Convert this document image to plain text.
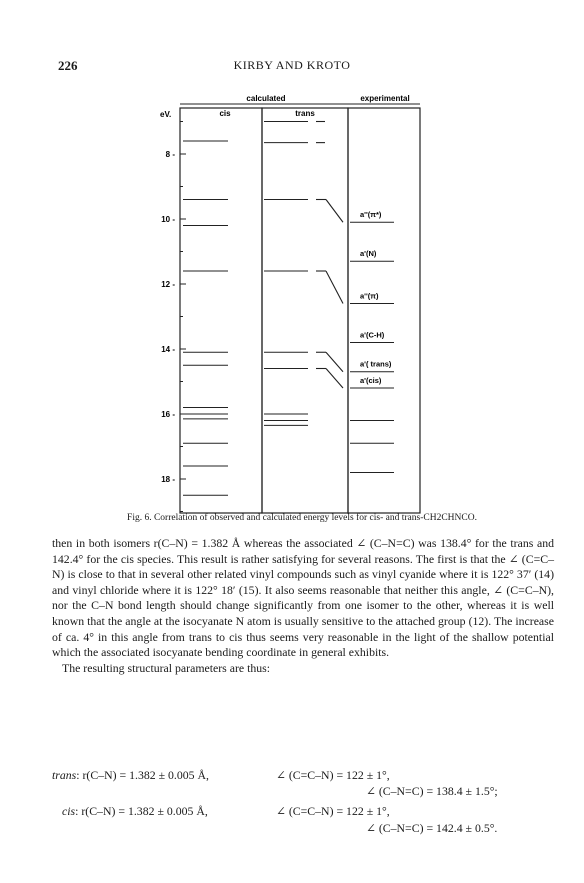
226	KIRBY AND KROTO
calculated	experimental
cis	trans
eV.
8 -
10 -
12 -
14 -
16 -
18 -
a''(π*)
a'(N)
a''(π)
a'(C-H)
a'( trans)
a'(cis)
Fig. 6. Correlation of observed and calculated energy levels for cis- and trans-CH2CHNCO.

then in both isomers r(C–N) = 1.382 Å whereas the associated ∠ (C–N=C) was 138.4° for the trans and 142.4° for the cis species. This result is rather satisfying for several reasons. The first is that the ∠ (C=C–N) is close to that in several other related vinyl compounds such as vinyl cyanide where it is 122° 37′ (14) and vinyl chloride where it is 122° 18′ (15). It also seems reasonable that neither this angle, ∠ (C=C–N), nor the C–N bond length should change significantly from one isomer to the other, whereas it is well known that the angle at the isocyanate N atom is usually sensitive to the attached group (12). The increase of ca. 4° in this angle from trans to cis thus seems very reasonable in the light of the shallow potential which the associated isocyanate bending coordinate in general exhibits.

The resulting structural parameters are thus:

trans: r(C–N) = 1.382 ± 0.005 Å,	∠ (C=C–N) = 122 ± 1°,
∠ (C–N=C) = 138.4 ± 1.5°;
cis: r(C–N) = 1.382 ± 0.005 Å,	∠ (C=C–N) = 122 ± 1°,
∠ (C–N=C) = 142.4 ± 0.5°.
